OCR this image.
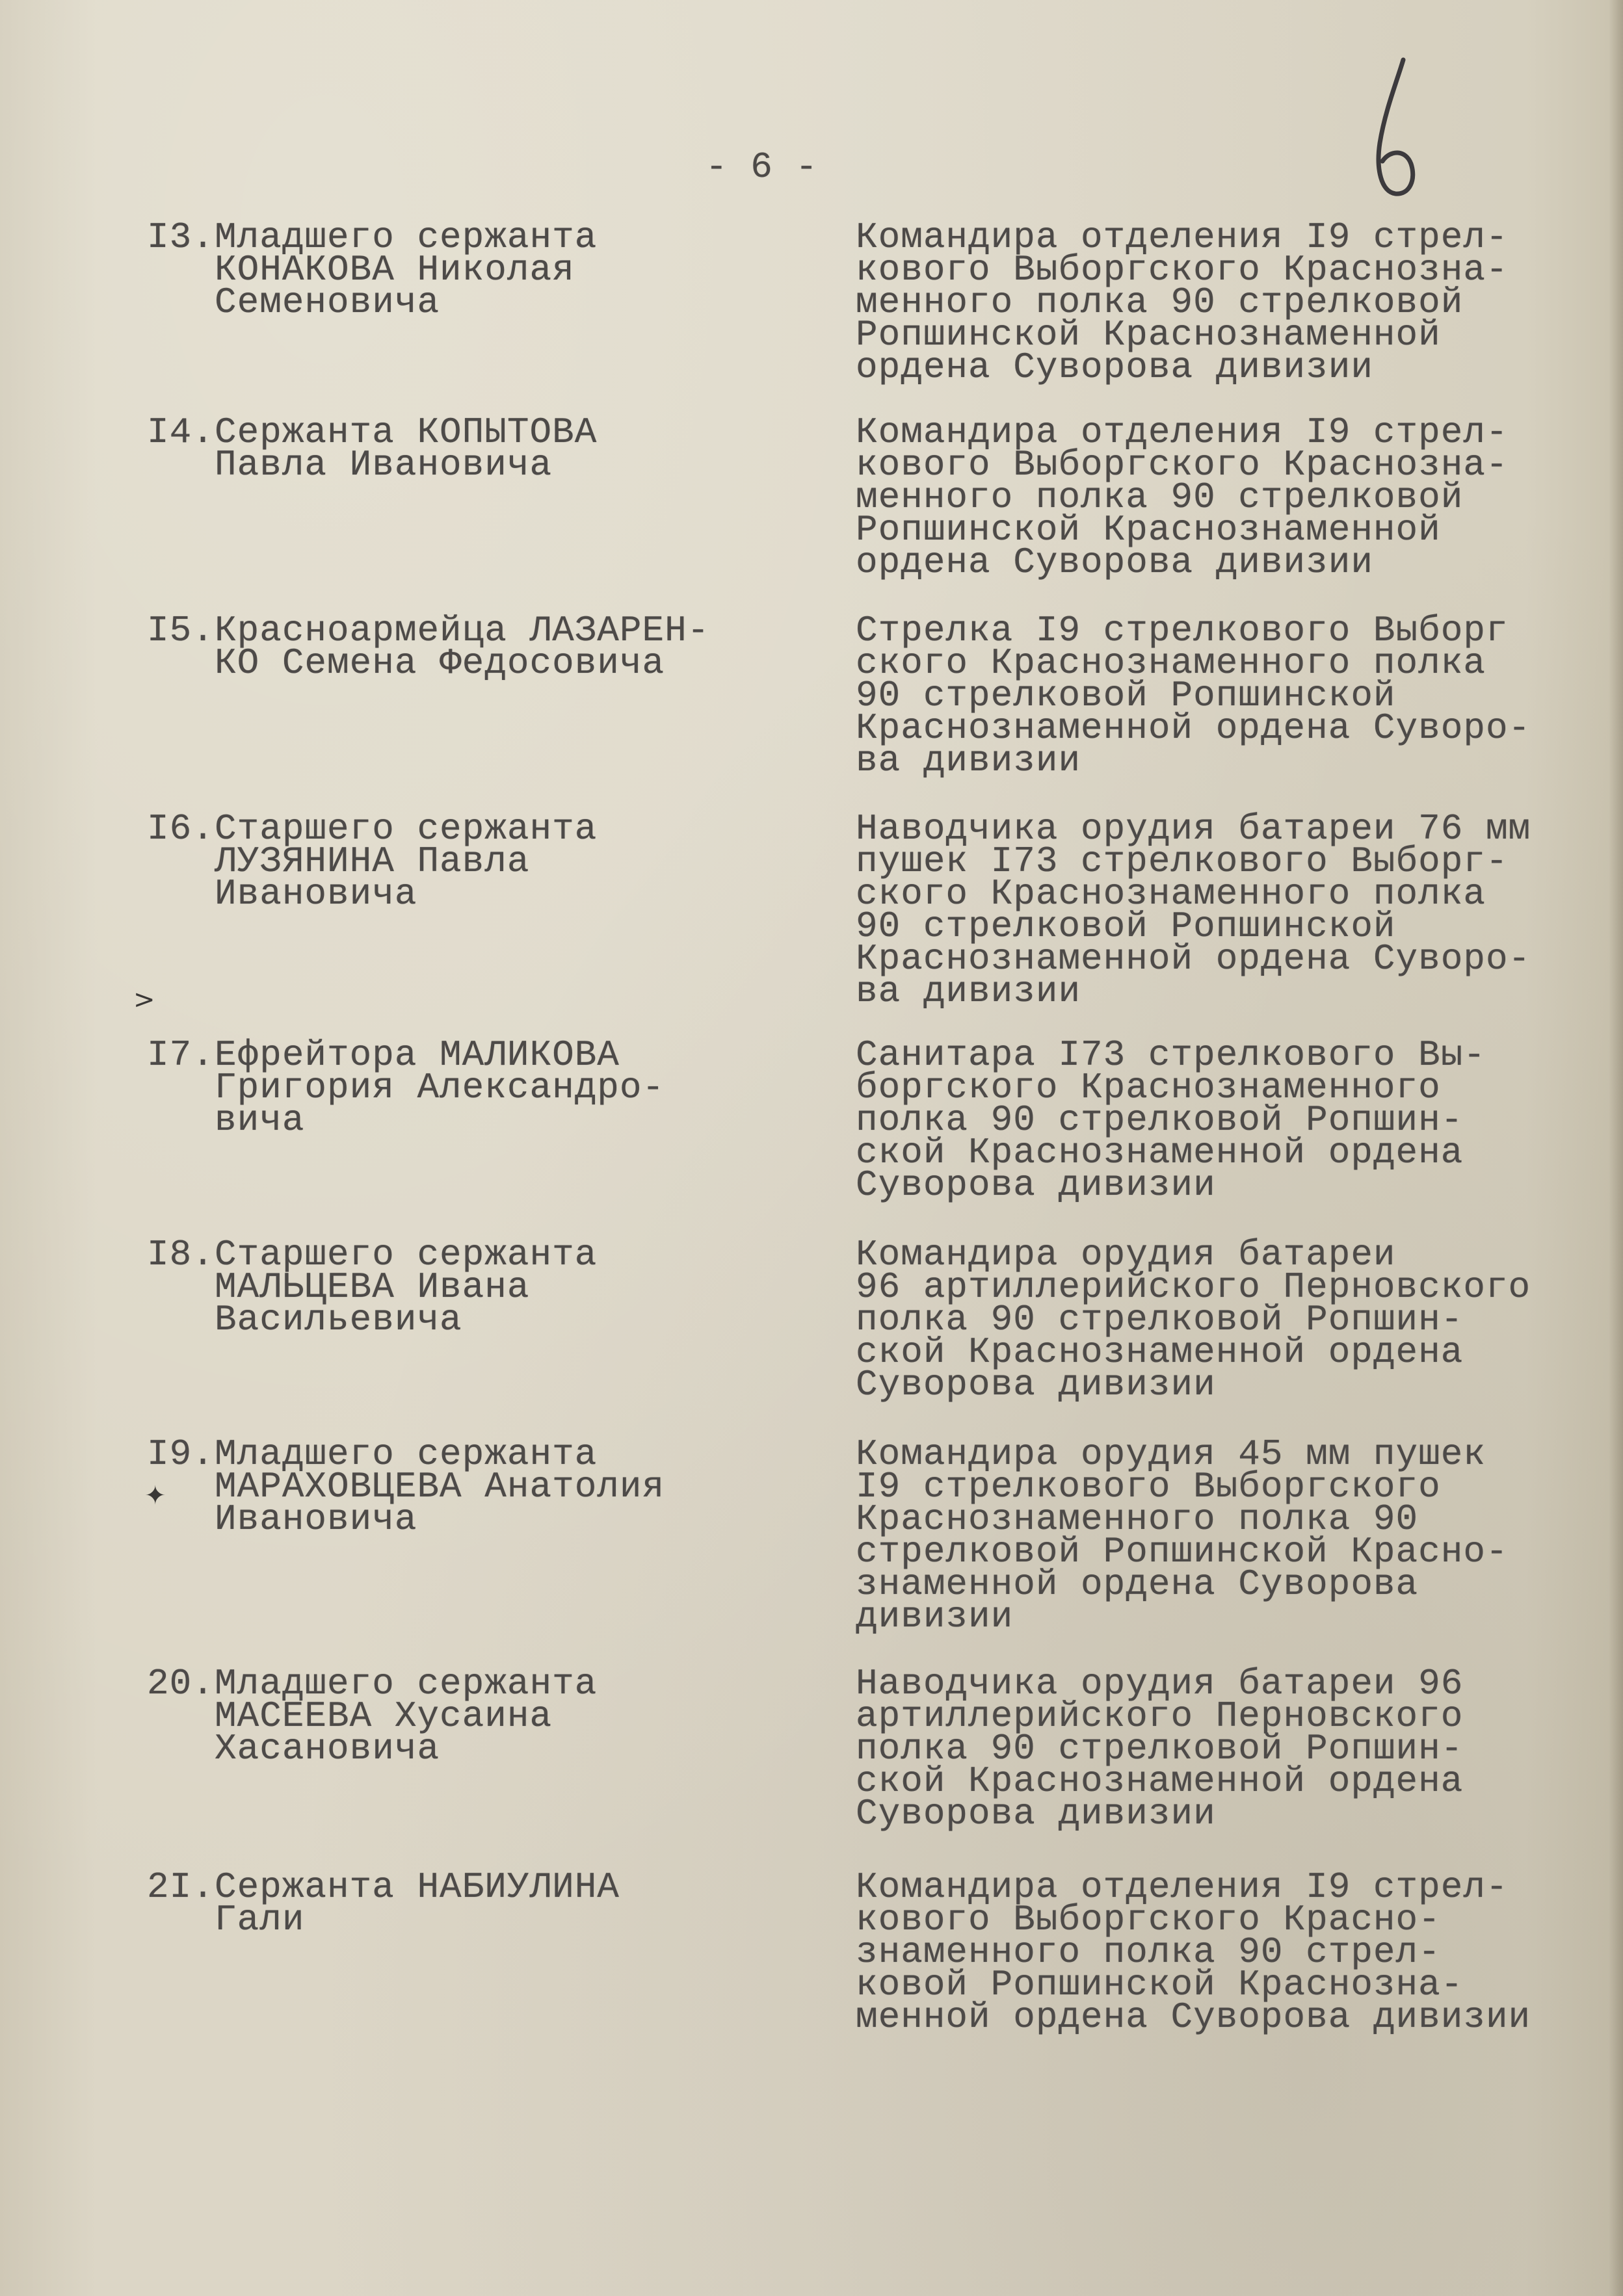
- 6 -
I3. Младшего сержанта
КОНАКОВА Николая
Семеновича
Командира отделения I9 стрел-
кового Выборгского Краснозна-
менного полка 90 стрелковой
Ропшинской Краснознаменной
ордена Суворова дивизии
I4. Сержанта КОПЫТОВА
Павла Ивановича
Командира отделения I9 стрел-
кового Выборгского Краснозна-
менного полка 90 стрелковой
Ропшинской Краснознаменной
ордена Суворова дивизии
I5. Красноармейца ЛАЗАРЕН-
КО Семена Федосовича
Стрелка I9 стрелкового Выборг
ского Краснознаменного полка
90 стрелковой Ропшинской
Краснознаменной ордена Суворо-
ва дивизии
I6. Старшего сержанта
ЛУЗЯНИНА Павла
Ивановича
Наводчика орудия батареи 76 мм
пушек I73 стрелкового Выборг-
ского Краснознаменного полка
90 стрелковой Ропшинской
Краснознаменной ордена Суворо-
ва дивизии
>
I7. Ефрейтора МАЛИКОВА
Григория Александро-
вича
Санитара I73 стрелкового Вы-
боргского Краснознаменного
полка 90 стрелковой Ропшин-
ской Краснознаменной ордена
Суворова дивизии
I8. Старшего сержанта
МАЛЬЦЕВА Ивана
Васильевича
Командира орудия батареи
96 артиллерийского Перновского
полка 90 стрелковой Ропшин-
ской Краснознаменной ордена
Суворова дивизии
I9. Младшего сержанта
МАРАХОВЦЕВА Анатолия
Ивановича
Командира орудия 45 мм пушек
I9 стрелкового Выборгского
Краснознаменного полка 90
стрелковой Ропшинской Красно-
знаменной ордена Суворова
дивизии
✦
20. Младшего сержанта
МАСЕЕВА Хусаина
Хасановича
Наводчика орудия батареи 96
артиллерийского Перновского
полка 90 стрелковой Ропшин-
ской Краснознаменной ордена
Суворова дивизии
2I. Сержанта НАБИУЛИНА
Гали
Командира отделения I9 стрел-
кового Выборгского Красно-
знаменного полка 90 стрел-
ковой Ропшинской Краснозна-
менной ордена Суворова дивизии
